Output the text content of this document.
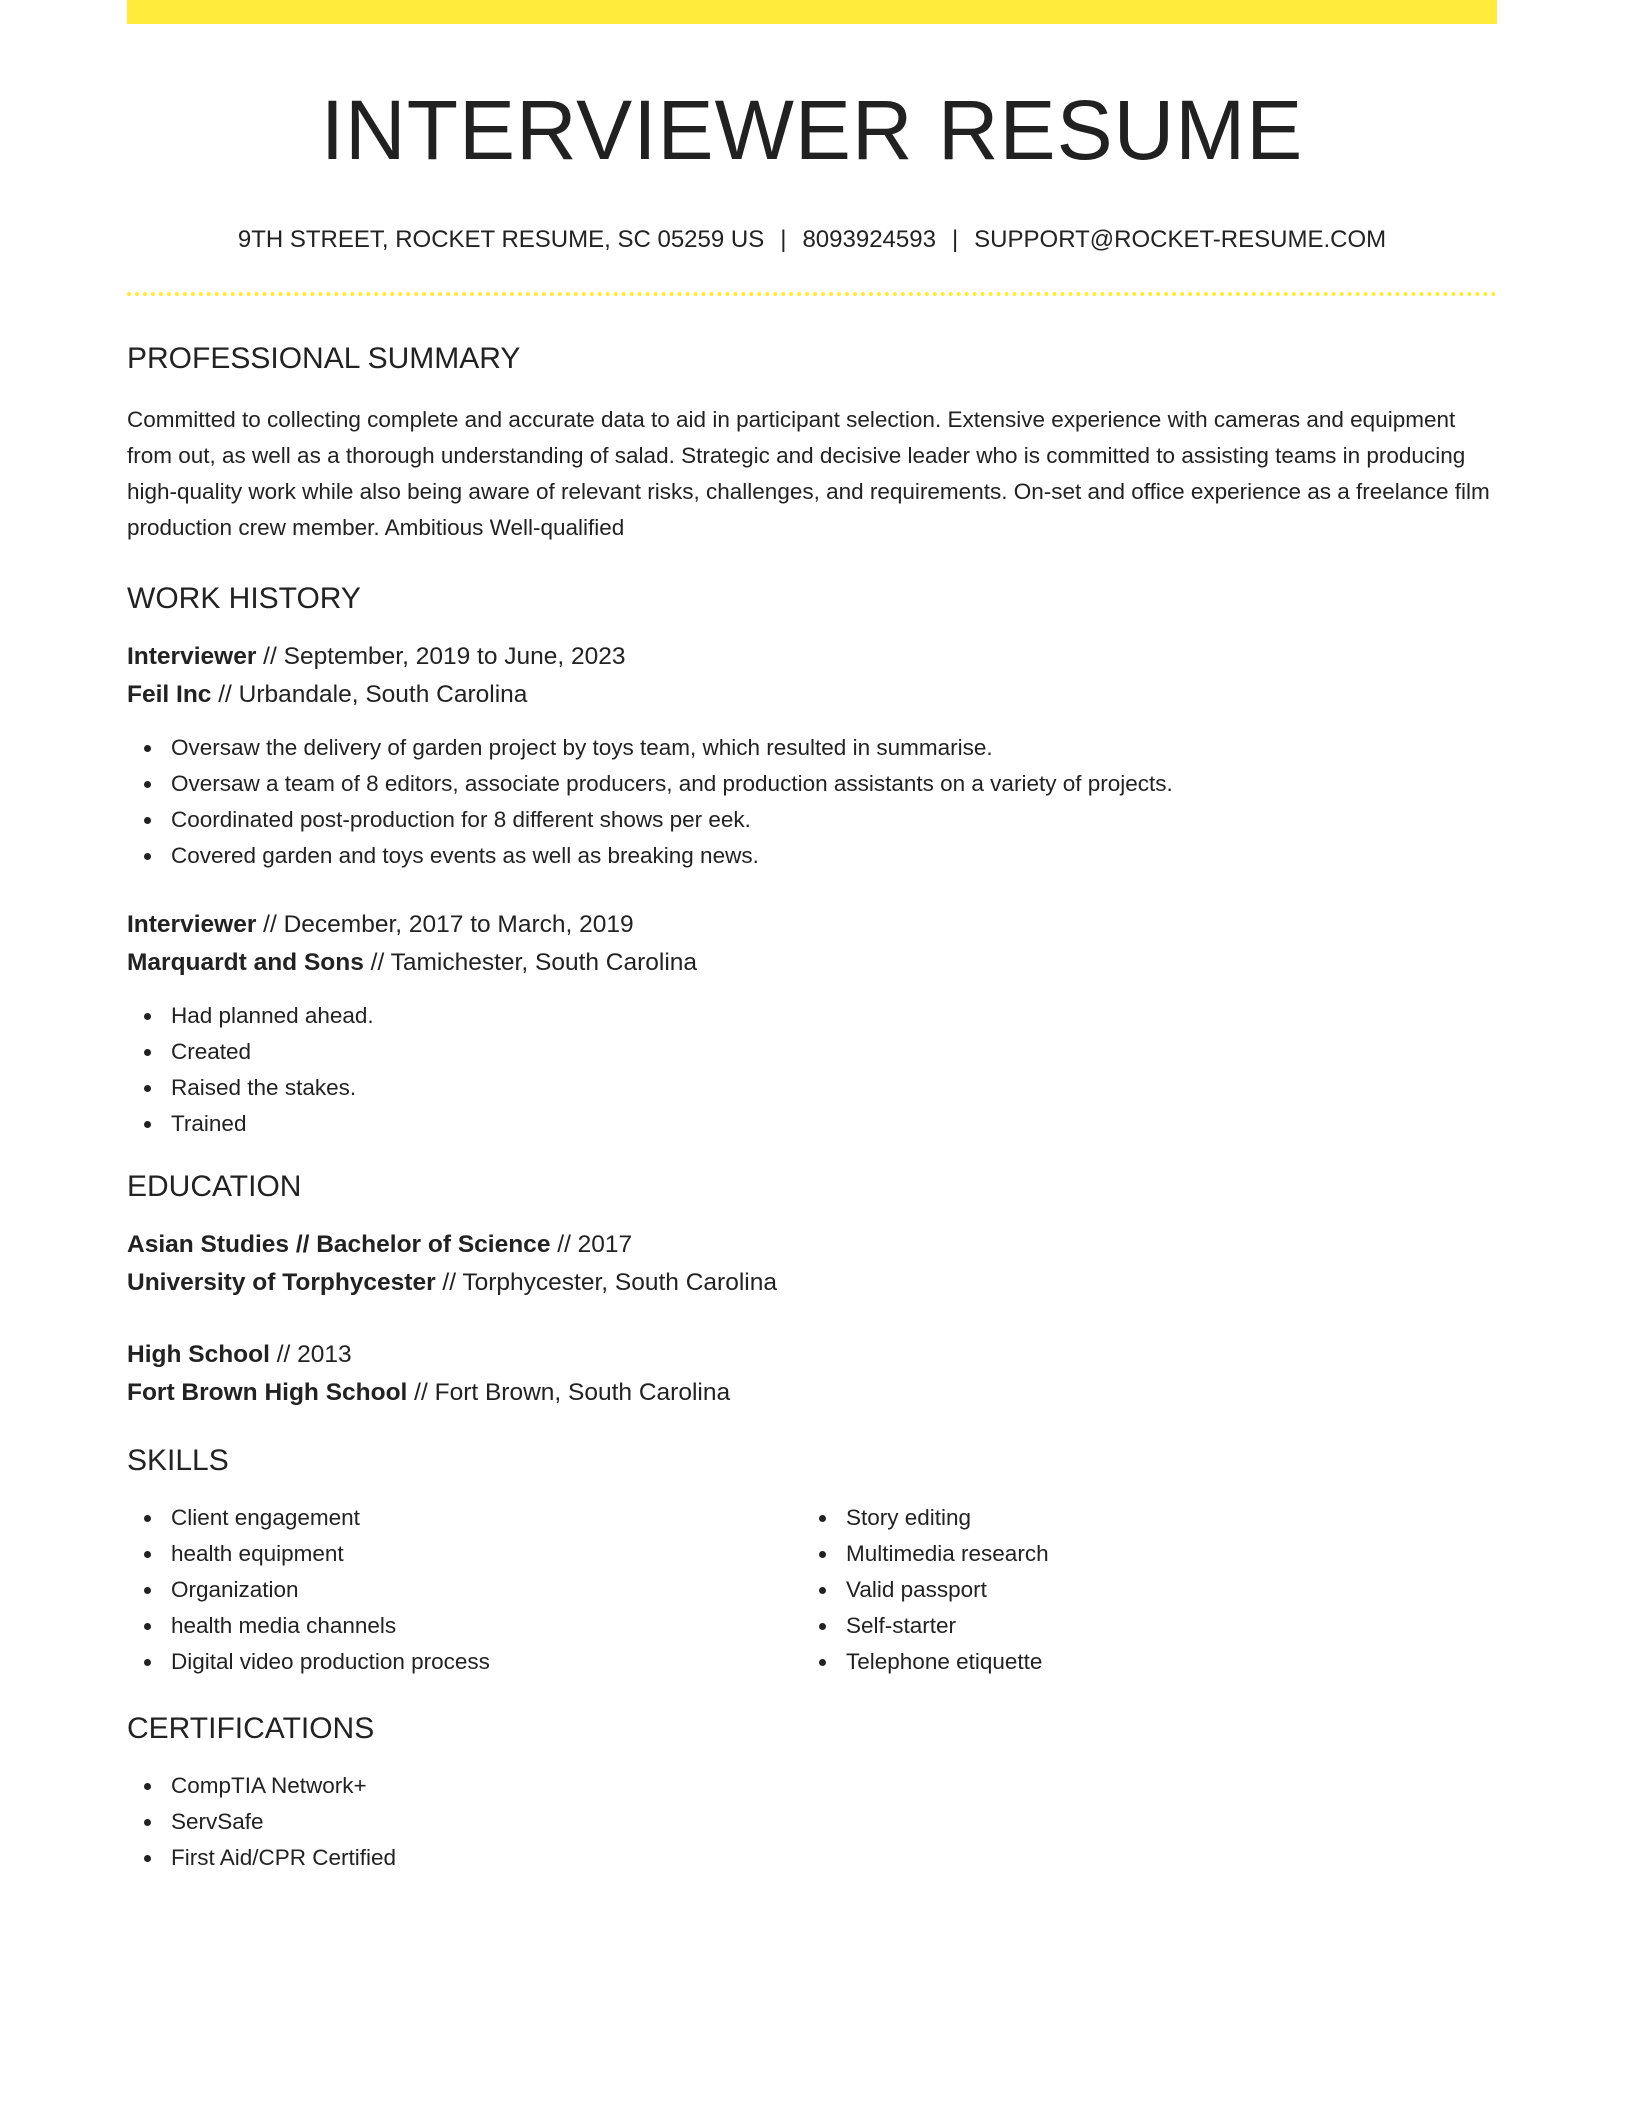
INTERVIEWER RESUME
9TH STREET, ROCKET RESUME, SC 05259 US | 8093924593 | SUPPORT@ROCKET-RESUME.COM
PROFESSIONAL SUMMARY

Committed to collecting complete and accurate data to aid in participant selection. Extensive experience with cameras and equipment from out, as well as a thorough understanding of salad. Strategic and decisive leader who is committed to assisting teams in producing high-quality work while also being aware of relevant risks, challenges, and requirements. On-set and office experience as a freelance film production crew member. Ambitious Well-qualified

WORK HISTORY

Interviewer // September, 2019 to June, 2023

Feil Inc // Urbandale, South Carolina

Oversaw the delivery of garden project by toys team, which resulted in summarise.
Oversaw a team of 8 editors, associate producers, and production assistants on a variety of projects.
Coordinated post-production for 8 different shows per eek.
Covered garden and toys events as well as breaking news.

Interviewer // December, 2017 to March, 2019

Marquardt and Sons // Tamichester, South Carolina

Had planned ahead.
Created
Raised the stakes.
Trained
EDUCATION

Asian Studies // Bachelor of Science // 2017

University of Torphycester // Torphycester, South Carolina

High School // 2013

Fort Brown High School // Fort Brown, South Carolina

SKILLS
Client engagement
health equipment
Organization
health media channels
Digital video production process
Story editing
Multimedia research
Valid passport
Self-starter
Telephone etiquette
CERTIFICATIONS
CompTIA Network+
ServSafe
First Aid/CPR Certified
